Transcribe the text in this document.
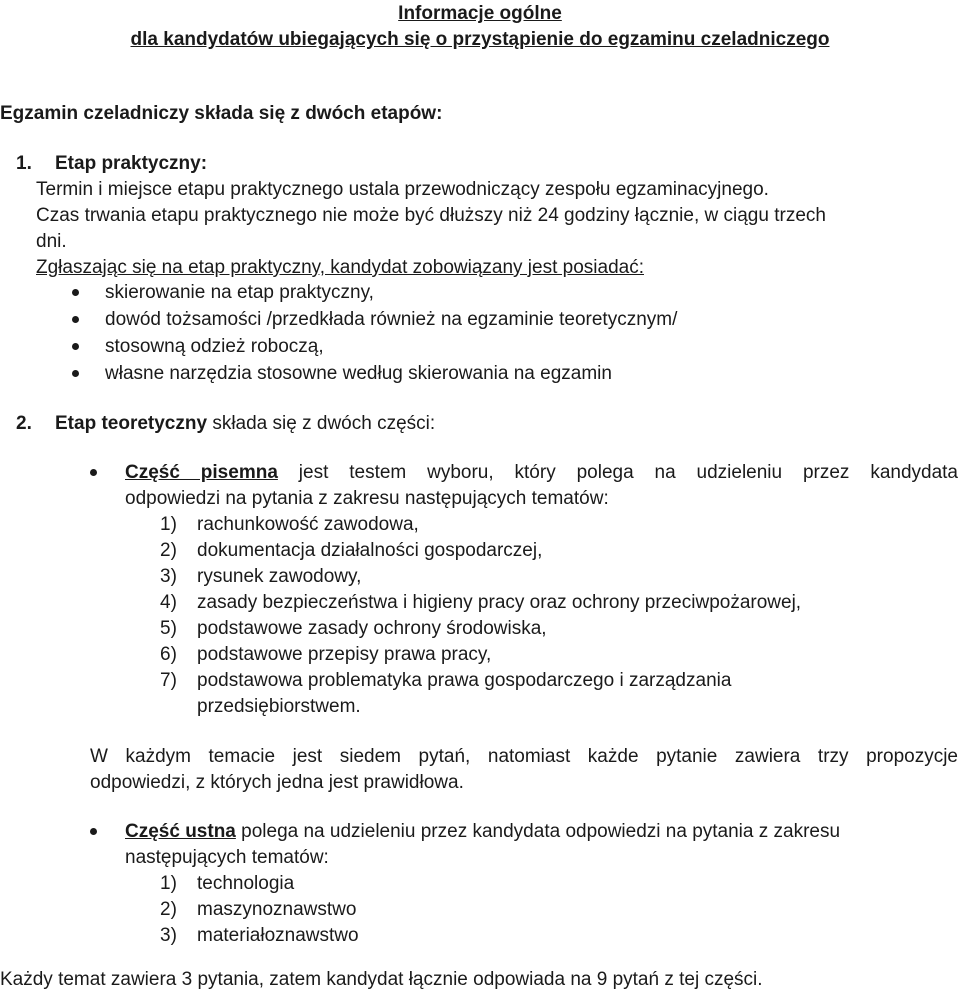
Informacje ogólne
dla kandydatów ubiegających się o przystąpienie do egzaminu czeladniczego
Egzamin czeladniczy składa się z dwóch etapów:
1. Etap praktyczny:
Termin i miejsce etapu praktycznego ustala przewodniczący zespołu egzaminacyjnego.
Czas trwania etapu praktycznego nie może być dłuższy niż 24 godziny łącznie, w ciągu trzech
dni.
Zgłaszając się na etap praktyczny, kandydat zobowiązany jest posiadać:
skierowanie na etap praktyczny,
dowód tożsamości /przedkłada również na egzaminie teoretycznym/
stosowną odzież roboczą,
własne narzędzia stosowne według skierowania na egzamin
2. Etap teoretyczny składa się z dwóch części:
Część pisemna jest testem wyboru, który polega na udzieleniu przez kandydata
odpowiedzi na pytania z zakresu następujących tematów:
1) rachunkowość zawodowa,
2) dokumentacja działalności gospodarczej,
3) rysunek zawodowy,
4) zasady bezpieczeństwa i higieny pracy oraz ochrony przeciwpożarowej,
5) podstawowe zasady ochrony środowiska,
6) podstawowe przepisy prawa pracy,
7) podstawowa problematyka prawa gospodarczego i zarządzania
przedsiębiorstwem.
W każdym temacie jest siedem pytań, natomiast każde pytanie zawiera trzy propozycje
odpowiedzi, z których jedna jest prawidłowa.
Część ustna polega na udzieleniu przez kandydata odpowiedzi na pytania z zakresu
następujących tematów:
1) technologia
2) maszynoznawstwo
3) materiałoznawstwo
Każdy temat zawiera 3 pytania, zatem kandydat łącznie odpowiada na 9 pytań z tej części.
